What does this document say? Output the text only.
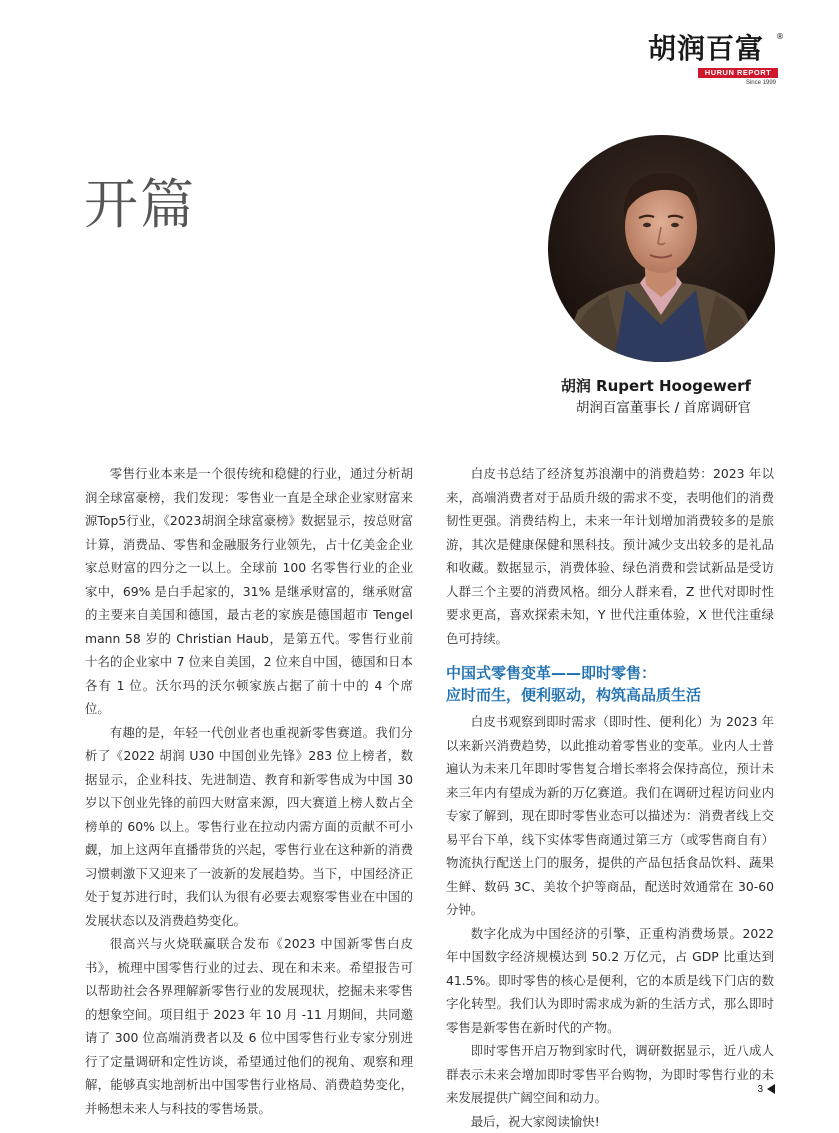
胡润百富 ®
HURUN REPORT
Since 1999
开篇
胡润 Rupert Hoogewerf
胡润百富董事长 / 首席调研官

零售行业本来是一个很传统和稳健的行业，通过分析胡润全球富豪榜，我们发现：零售业一直是全球企业家财富来源Top5行业，《2023胡润全球富豪榜》数据显示，按总财富计算，消费品、零售和金融服务行业领先，占十亿美金企业家总财富的四分之一以上。全球前 100 名零售行业的企业家中，69% 是白手起家的，31% 是继承财富的，继承财富的主要来自美国和德国，最古老的家族是德国超市 Tengelmann 58 岁的 Christian Haub，是第五代。零售行业前十名的企业家中 7 位来自美国，2 位来自中国，德国和日本各有 1 位。沃尔玛的沃尔顿家族占据了前十中的 4 个席位。

有趣的是，年轻一代创业者也重视新零售赛道。我们分析了《2022 胡润 U30 中国创业先锋》283 位上榜者，数据显示，企业科技、先进制造、教育和新零售成为中国 30 岁以下创业先锋的前四大财富来源，四大赛道上榜人数占全榜单的 60% 以上。零售行业在拉动内需方面的贡献不可小觑，加上这两年直播带货的兴起，零售行业在这种新的消费习惯刺激下又迎来了一波新的发展趋势。当下，中国经济正处于复苏进行时，我们认为很有必要去观察零售业在中国的发展状态以及消费趋势变化。

很高兴与火烧联赢联合发布《2023 中国新零售白皮书》，梳理中国零售行业的过去、现在和未来。希望报告可以帮助社会各界理解新零售行业的发展现状，挖掘未来零售的想象空间。项目组于 2023 年 10 月 -11 月期间，共同邀请了 300 位高端消费者以及 6 位中国零售行业专家分别进行了定量调研和定性访谈，希望通过他们的视角、观察和理解，能够真实地剖析出中国零售行业格局、消费趋势变化，并畅想未来人与科技的零售场景。

白皮书总结了经济复苏浪潮中的消费趋势：2023 年以来，高端消费者对于品质升级的需求不变，表明他们的消费韧性更强。消费结构上，未来一年计划增加消费较多的是旅游，其次是健康保健和黑科技。预计减少支出较多的是礼品和收藏。数据显示，消费体验、绿色消费和尝试新品是受访人群三个主要的消费风格。细分人群来看，Z 世代对即时性要求更高，喜欢探索未知，Y 世代注重体验，X 世代注重绿色可持续。

中国式零售变革——即时零售：
应时而生，便利驱动，构筑高品质生活

白皮书观察到即时需求（即时性、便利化）为 2023 年以来新兴消费趋势，以此推动着零售业的变革。业内人士普遍认为未来几年即时零售复合增长率将会保持高位，预计未来三年内有望成为新的万亿赛道。我们在调研过程访问业内专家了解到，现在即时零售业态可以描述为：消费者线上交易平台下单，线下实体零售商通过第三方（或零售商自有）物流执行配送上门的服务，提供的产品包括食品饮料、蔬果生鲜、数码 3C、美妆个护等商品，配送时效通常在 30-60 分钟。

数字化成为中国经济的引擎，正重构消费场景。2022 年中国数字经济规模达到 50.2 万亿元，占 GDP 比重达到 41.5%。即时零售的核心是便利，它的本质是线下门店的数字化转型。我们认为即时需求成为新的生活方式，那么即时零售是新零售在新时代的产物。

即时零售开启万物到家时代，调研数据显示，近八成人群表示未来会增加即时零售平台购物，为即时零售行业的未来发展提供广阔空间和动力。

最后，祝大家阅读愉快!

3
